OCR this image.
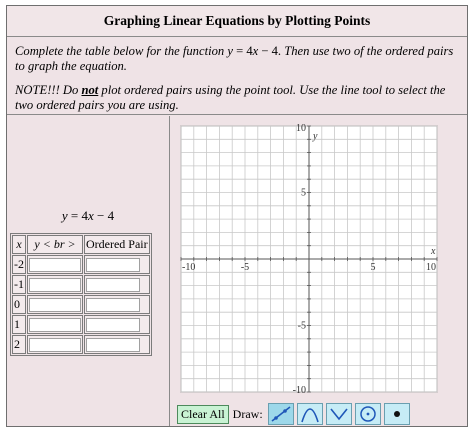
Graphing Linear Equations by Plotting Points

Complete the table below for the function y = 4x − 4. Then use two of the ordered pairs to graph the equation.

NOTE!!! Do not plot ordered pairs using the point tool. Use the line tool to select the two ordered pairs you are using.

y = 4x − 4
x	y < br >	Ordered Pair
-2		
-1		
0		
1		
2		
-10	-5	5	10
10
5
-5
-10
x
y
Clear All Draw:
